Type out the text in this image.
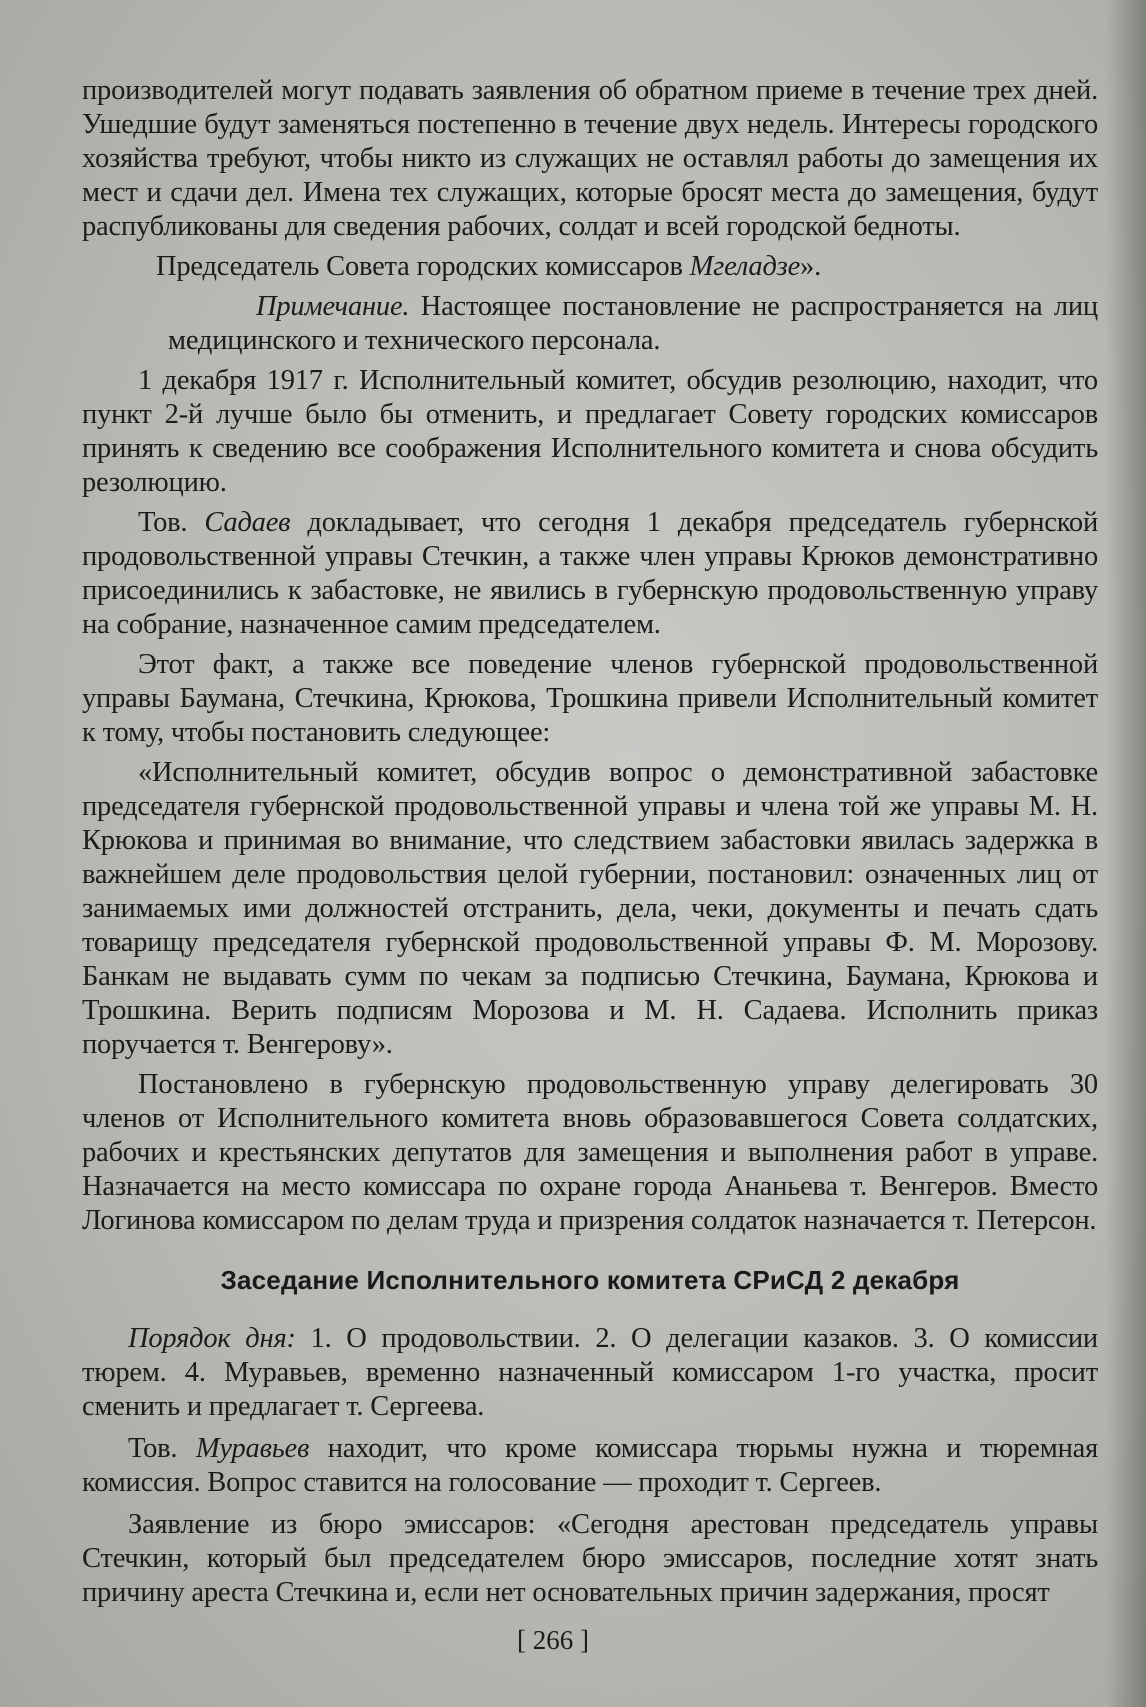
производителей могут подавать заявления об обратном приеме в течение трех дней. Ушедшие будут заменяться постепенно в течение двух недель. Интересы городского хозяйства требуют, чтобы никто из служащих не оставлял работы до замещения их мест и сдачи дел. Имена тех служащих, которые бросят места до замещения, будут распубликованы для сведения рабочих, солдат и всей городской бедноты.

Председатель Совета городских комиссаров Мгеладзе».

Примечание. Настоящее постановление не распространяется на лиц медицинского и технического персонала.

1 декабря 1917 г. Исполнительный комитет, обсудив резолюцию, находит, что пункт 2-й лучше было бы отменить, и предлагает Совету городских комиссаров принять к сведению все соображения Исполнительного комитета и снова обсудить резолюцию.

Тов. Садаев докладывает, что сегодня 1 декабря председатель губернской продовольственной управы Стечкин, а также член управы Крюков демонстративно присоединились к забастовке, не явились в губернскую продовольственную управу на собрание, назначенное самим председателем.

Этот факт, а также все поведение членов губернской продовольственной управы Баумана, Стечкина, Крюкова, Трошкина привели Исполнительный комитет к тому, чтобы постановить следующее:

«Исполнительный комитет, обсудив вопрос о демонстративной забастовке председателя губернской продовольственной управы и члена той же управы М. Н. Крюкова и принимая во внимание, что следствием забастовки явилась задержка в важнейшем деле продовольствия целой губернии, постановил: означенных лиц от занимаемых ими должностей отстранить, дела, чеки, документы и печать сдать товарищу председателя губернской продовольственной управы Ф. М. Морозову. Банкам не выдавать сумм по чекам за подписью Стечкина, Баумана, Крюкова и Трошкина. Верить подписям Морозова и М. Н. Садаева. Исполнить приказ поручается т. Венгерову».

Постановлено в губернскую продовольственную управу делегировать 30 членов от Исполнительного комитета вновь образовавшегося Совета солдатских, рабочих и крестьянских депутатов для замещения и выполнения работ в управе. Назначается на место комиссара по охране города Ананьева т. Венгеров. Вместо Логинова комиссаром по делам труда и призрения солдаток назначается т. Петерсон.

Заседание Исполнительного комитета СРиСД 2 декабря

Порядок дня: 1. О продовольствии. 2. О делегации казаков. 3. О комиссии тюрем. 4. Муравьев, временно назначенный комиссаром 1-го участка, просит сменить и предлагает т. Сергеева.

Тов. Муравьев находит, что кроме комиссара тюрьмы нужна и тюремная комиссия. Вопрос ставится на голосование — проходит т. Сергеев.

Заявление из бюро эмиссаров: «Сегодня арестован председатель управы Стечкин, который был председателем бюро эмиссаров, последние хотят знать причину ареста Стечкина и, если нет основательных причин задержания, просят

[ 266 ]
